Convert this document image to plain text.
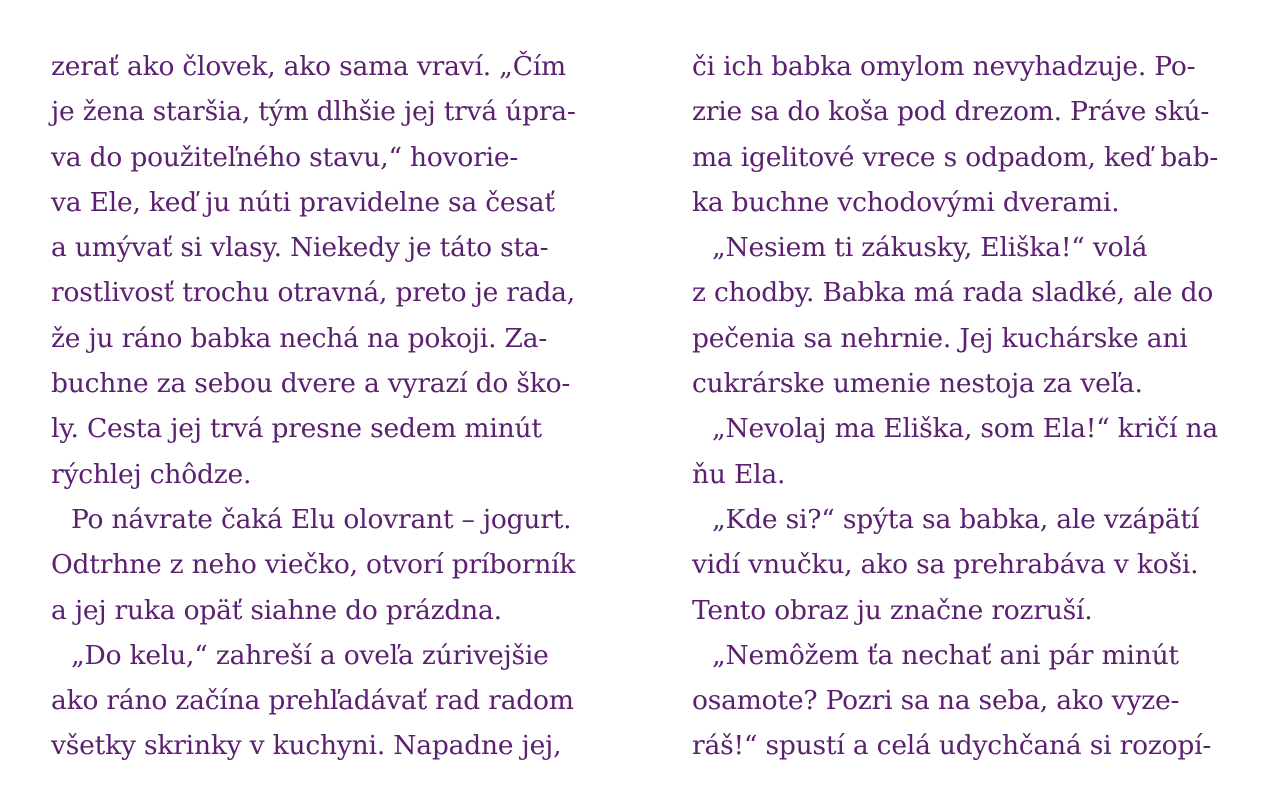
zerať ako človek, ako sama vraví. „Čím
je žena staršia, tým dlhšie jej trvá úpra-
va do použiteľného stavu,“ hovorie-
va Ele, keď ju núti pravidelne sa česať
a umývať si vlasy. Niekedy je táto sta-
rostlivosť trochu otravná, preto je rada,
že ju ráno babka nechá na pokoji. Za-
buchne za sebou dvere a vyrazí do ško-
ly. Cesta jej trvá presne sedem minút
rýchlej chôdze.
Po návrate čaká Elu olovrant – jogurt.
Odtrhne z neho viečko, otvorí príborník
a jej ruka opäť siahne do prázdna.
„Do kelu,“ zahreší a oveľa zúrivejšie
ako ráno začína prehľadávať rad radom
všetky skrinky v kuchyni. Napadne jej,
či ich babka omylom nevyhadzuje. Po-
zrie sa do koša pod drezom. Práve skú-
ma igelitové vrece s odpadom, keď bab-
ka buchne vchodovými dverami.
„Nesiem ti zákusky, Eliška!“ volá
z chodby. Babka má rada sladké, ale do
pečenia sa nehrnie. Jej kuchárske ani
cukrárske umenie nestoja za veľa.
„Nevolaj ma Eliška, som Ela!“ kričí na
ňu Ela.
„Kde si?“ spýta sa babka, ale vzápätí
vidí vnučku, ako sa prehrabáva v koši.
Tento obraz ju značne rozruší.
„Nemôžem ťa nechať ani pár minút
osamote? Pozri sa na seba, ako vyze-
ráš!“ spustí a celá udychčaná si rozopí-
